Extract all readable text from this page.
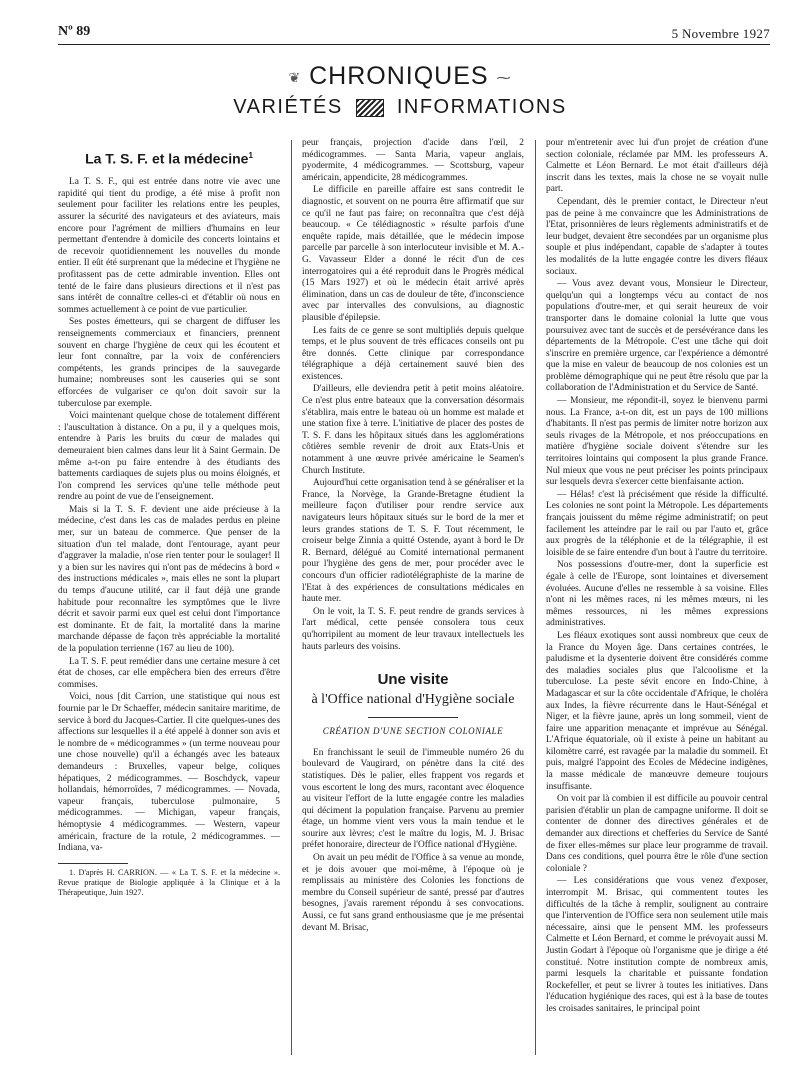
Nº 89	5 Novembre 1927
❦ CHRONIQUES ⁓
VARIÉTÉS	INFORMATIONS
La T. S. F. et la médecine$^1$

La T. S. F., qui est entrée dans notre vie avec une rapidité qui tient du prodige, a été mise à profit non seulement pour faciliter les relations entre les peuples, assurer la sécurité des navigateurs et des aviateurs, mais encore pour l'agrément de milliers d'humains en leur permettant d'entendre à domicile des concerts lointains et de recevoir quotidiennement les nouvelles du monde entier. Il eût été surprenant que la médecine et l'hygiène ne profitassent pas de cette admirable invention. Elles ont tenté de le faire dans plusieurs directions et il n'est pas sans intérêt de connaître celles-ci et d'établir où nous en sommes actuellement à ce point de vue particulier.

Ses postes émetteurs, qui se chargent de diffuser les renseignements commerciaux et financiers, prennent souvent en charge l'hygiène de ceux qui les écoutent et leur font connaître, par la voix de conférenciers compétents, les grands principes de la sauvegarde humaine; nombreuses sont les causeries qui se sont efforcées de vulgariser ce qu'on doit savoir sur la tuberculose par exemple.

Voici maintenant quelque chose de totalement différent : l'auscultation à distance. On a pu, il y a quelques mois, entendre à Paris les bruits du cœur de malades qui demeuraient bien calmes dans leur lit à Saint Germain. De même a-t-on pu faire entendre à des étudiants des battements cardiaques de sujets plus ou moins éloignés, et l'on comprend les services qu'une telle méthode peut rendre au point de vue de l'enseignement.

Mais si la T. S. F. devient une aide précieuse à la médecine, c'est dans les cas de malades perdus en pleine mer, sur un bateau de commerce. Que penser de la situation d'un tel malade, dont l'entourage, ayant peur d'aggraver la maladie, n'ose rien tenter pour le soulager! Il y a bien sur les navires qui n'ont pas de médecins à bord « des instructions médicales », mais elles ne sont la plupart du temps d'aucune utilité, car il faut déjà une grande habitude pour reconnaître les symptômes que le livre décrit et savoir parmi eux quel est celui dont l'importance est dominante. Et de fait, la mortalité dans la marine marchande dépasse de façon très appréciable la mortalité de la population terrienne (167 au lieu de 100).

La T. S. F. peut remédier dans une certaine mesure à cet état de choses, car elle empêchera bien des erreurs d'être commises.

Voici, nous [dit Carrion, une statistique qui nous est fournie par le Dr Schaeffer, médecin sanitaire maritime, de service à bord du Jacques-Cartier. Il cite quelques-unes des affections sur lesquelles il a été appelé à donner son avis et le nombre de « médicogrammes » (un terme nouveau pour une chose nouvelle) qu'il a échangés avec les bateaux demandeurs : Bruxelles, vapeur belge, coliques hépatiques, 2 médicogrammes. — Boschdyck, vapeur hollandais, hémorroïdes, 7 médicogrammes. — Novada, vapeur français, tuberculose pulmonaire, 5 médicogrammes. — Michigan, vapeur français, hémoptysie 4 médicogrammes. — Western, vapeur américain, fracture de la rotule, 2 médicogrammes. — Indiana, va-

1. D'après H. CARRION. — « La T. S. F. et la médecine ». Revue pratique de Biologie appliquée à la Clinique et à la Thérapeutique, Juin 1927.

peur français, projection d'acide dans l'œil, 2 médicogrammes. — Santa Maria, vapeur anglais, pyodermite, 4 médicogrammes. — Scottsburg, vapeur américain, appendicite, 28 médicogrammes.

Le difficile en pareille affaire est sans contredit le diagnostic, et souvent on ne pourra être affirmatif que sur ce qu'il ne faut pas faire; on reconnaîtra que c'est déjà beaucoup. « Ce télédiagnostic » résulte parfois d'une enquête rapide, mais détaillée, que le médecin impose parcelle par parcelle à son interlocuteur invisible et M. A.-G. Vavasseur Elder a donné le récit d'un de ces interrogatoires qui a été reproduit dans le Progrès médical (15 Mars 1927) et où le médecin était arrivé après élimination, dans un cas de douleur de tête, d'inconscience avec par intervalles des convulsions, au diagnostic plausible d'épilepsie.

Les faits de ce genre se sont multipliés depuis quelque temps, et le plus souvent de très efficaces conseils ont pu être donnés. Cette clinique par correspondance télégraphique a déjà certainement sauvé bien des existences.

D'ailleurs, elle deviendra petit à petit moins aléatoire. Ce n'est plus entre bateaux que la conversation désormais s'établira, mais entre le bateau où un homme est malade et une station fixe à terre. L'initiative de placer des postes de T. S. F. dans les hôpitaux situés dans les agglomérations côtières semble revenir de droit aux Etats-Unis et notamment à une œuvre privée américaine le Seamen's Church Institute.

Aujourd'hui cette organisation tend à se généraliser et la France, la Norvège, la Grande-Bretagne étudient la meilleure façon d'utiliser pour rendre service aux navigateurs leurs hôpitaux situés sur le bord de la mer et leurs grandes stations de T. S. F. Tout récemment, le croiseur belge Zinnia a quitté Ostende, ayant à bord le Dr R. Bernard, délégué au Comité international permanent pour l'hygiène des gens de mer, pour procéder avec le concours d'un officier radiotélégraphiste de la marine de l'Etat à des expériences de consultations médicales en haute mer.

On le voit, la T. S. F. peut rendre de grands services à l'art médical, cette pensée consolera tous ceux qu'horripilent au moment de leur travaux intellectuels les hauts parleurs des voisins.

Une visite
à l'Office national d'Hygiène sociale
CRÉATION D'UNE SECTION COLONIALE

En franchissant le seuil de l'immeuble numéro 26 du boulevard de Vaugirard, on pénètre dans la cité des statistiques. Dès le palier, elles frappent vos regards et vous escortent le long des murs, racontant avec éloquence au visiteur l'effort de la lutte engagée contre les maladies qui déciment la population française. Parvenu au premier étage, un homme vient vers vous la main tendue et le sourire aux lèvres; c'est le maître du logis, M. J. Brisac préfet honoraire, directeur de l'Office national d'Hygiène.

On avait un peu médit de l'Office à sa venue au monde, et je dois avouer que moi-même, à l'époque où je remplissais au ministère des Colonies les fonctions de membre du Conseil supérieur de santé, pressé par d'autres besognes, j'avais rarement répondu à ses convocations. Aussi, ce fut sans grand enthousiasme que je me présentai devant M. Brisac,

pour m'entretenir avec lui d'un projet de création d'une section coloniale, réclamée par MM. les professeurs A. Calmette et Léon Bernard. Le mot était d'ailleurs déjà inscrit dans les textes, mais la chose ne se voyait nulle part.

Cependant, dès le premier contact, le Directeur n'eut pas de peine à me convaincre que les Administrations de l'Etat, prisonnières de leurs règlements administratifs et de leur budget, devaient être secondées par un organisme plus souple et plus indépendant, capable de s'adapter à toutes les modalités de la lutte engagée contre les divers fléaux sociaux.

— Vous avez devant vous, Monsieur le Directeur, quelqu'un qui a longtemps vécu au contact de nos populations d'outre-mer, et qui serait heureux de voir transporter dans le domaine colonial la lutte que vous poursuivez avec tant de succès et de persévérance dans les départements de la Métropole. C'est une tâche qui doit s'inscrire en première urgence, car l'expérience a démontré que la mise en valeur de beaucoup de nos colonies est un problème démographique qui ne peut être résolu que par la collaboration de l'Administration et du Service de Santé.

— Monsieur, me répondit-il, soyez le bienvenu parmi nous. La France, a-t-on dit, est un pays de 100 millions d'habitants. Il n'est pas permis de limiter notre horizon aux seuls rivages de la Métropole, et nos préoccupations en matière d'hygiène sociale doivent s'étendre sur les territoires lointains qui composent la plus grande France. Nul mieux que vous ne peut préciser les points principaux sur lesquels devra s'exercer cette bienfaisante action.

— Hélas! c'est là précisément que réside la difficulté. Les colonies ne sont point la Métropole. Les départements français jouissent du même régime administratif; on peut facilement les atteindre par le rail ou par l'auto et, grâce aux progrès de la téléphonie et de la télégraphie, il est loisible de se faire entendre d'un bout à l'autre du territoire.

Nos possessions d'outre-mer, dont la superficie est égale à celle de l'Europe, sont lointaines et diversement évoluées. Aucune d'elles ne ressemble à sa voisine. Elles n'ont ni les mêmes races, ni les mêmes mœurs, ni les mêmes ressources, ni les mêmes expressions administratives.

Les fléaux exotiques sont aussi nombreux que ceux de la France du Moyen âge. Dans certaines contrées, le paludisme et la dysenterie doivent être considérés comme des maladies sociales plus que l'alcoolisme et la tuberculose. La peste sévit encore en Indo-Chine, à Madagascar et sur la côte occidentale d'Afrique, le choléra aux Indes, la fièvre récurrente dans le Haut-Sénégal et Niger, et la fièvre jaune, après un long sommeil, vient de faire une apparition menaçante et imprévue au Sénégal. L'Afrique équatoriale, où il existe à peine un habitant au kilomètre carré, est ravagée par la maladie du sommeil. Et puis, malgré l'appoint des Ecoles de Médecine indigènes, la masse médicale de manœuvre demeure toujours insuffisante.

On voit par là combien il est difficile au pouvoir central parisien d'établir un plan de campagne uniforme. Il doit se contenter de donner des directives générales et de demander aux directions et chefferies du Service de Santé de fixer elles-mêmes sur place leur programme de travail. Dans ces conditions, quel pourra être le rôle d'une section coloniale ?

— Les considérations que vous venez d'exposer, interrompit M. Brisac, qui commentent toutes les difficultés de la tâche à remplir, soulignent au contraire que l'intervention de l'Office sera non seulement utile mais nécessaire, ainsi que le pensent MM. les professeurs Calmette et Léon Bernard, et comme le prévoyait aussi M. Justin Godart à l'époque où l'organisme que je dirige a été constitué. Notre institution compte de nombreux amis, parmi lesquels la charitable et puissante fondation Rockefeller, et peut se livrer à toutes les initiatives. Dans l'éducation hygiénique des races, qui est à la base de toutes les croisades sanitaires, le principal point
